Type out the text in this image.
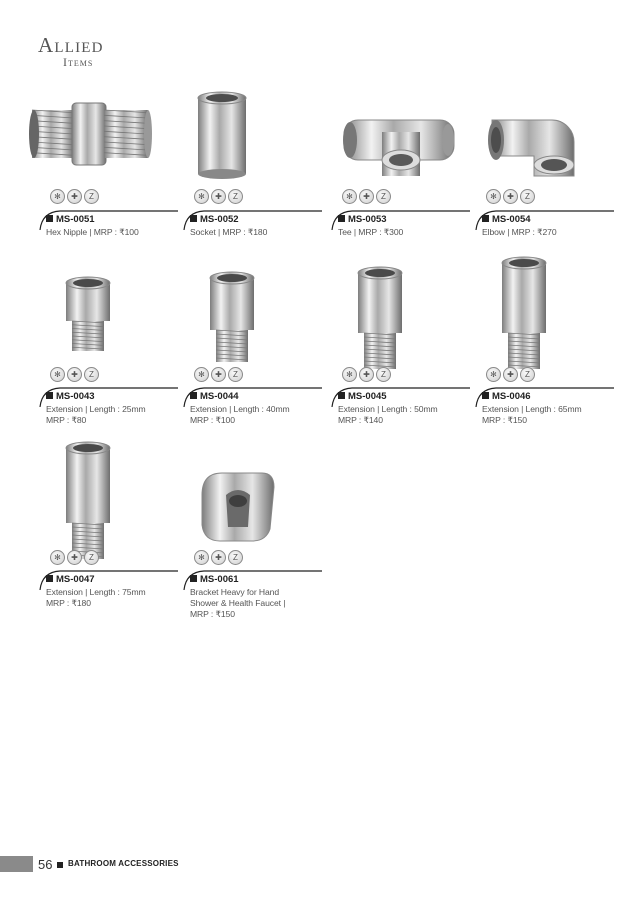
Allied
Items
✻	✚	Z
MS-0051
Hex Nipple | MRP : ₹100
✻	✚	Z
MS-0052
Socket | MRP : ₹180
✻	✚	Z
MS-0053
Tee | MRP : ₹300
✻	✚	Z
MS-0054
Elbow | MRP : ₹270
✻	✚	Z
MS-0043
Extension | Length : 25mm
MRP : ₹80
✻	✚	Z
MS-0044
Extension | Length : 40mm
MRP : ₹100
✻	✚	Z
MS-0045
Extension | Length : 50mm
MRP : ₹140
✻	✚	Z
MS-0046
Extension | Length : 65mm
MRP : ₹150
✻	✚	Z
MS-0047
Extension | Length : 75mm
MRP : ₹180
✻	✚	Z
MS-0061
Bracket Heavy for Hand
Shower & Health Faucet |
MRP : ₹150
56 BATHROOM ACCESSORIES
